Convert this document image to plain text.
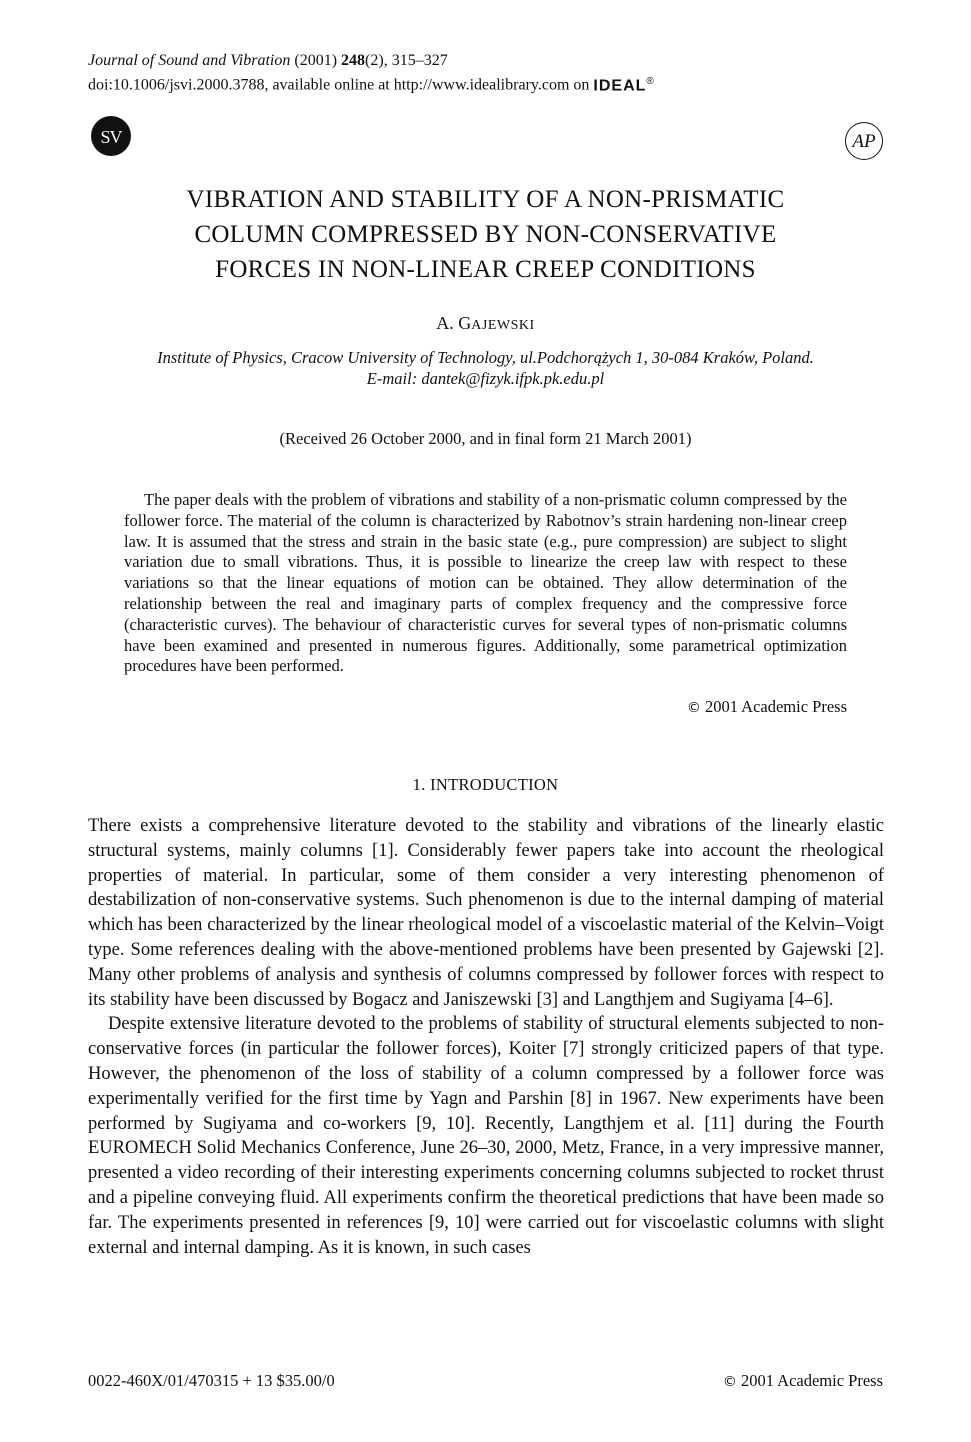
Journal of Sound and Vibration (2001) 248(2), 315–327
doi:10.1006/jsvi.2000.3788, available online at http://www.idealibrary.com on IDEAL®
SV	AP
VIBRATION AND STABILITY OF A NON-PRISMATIC
COLUMN COMPRESSED BY NON-CONSERVATIVE
FORCES IN NON-LINEAR CREEP CONDITIONS
A. GAJEWSKI
Institute of Physics, Cracow University of Technology, ul.Podchorążych 1, 30-084 Kraków, Poland.
E-mail: dantek@fizyk.ifpk.pk.edu.pl
(Received 26 October 2000, and in final form 21 March 2001)
The paper deals with the problem of vibrations and stability of a non-prismatic column compressed by the follower force. The material of the column is characterized by Rabotnov’s strain hardening non-linear creep law. It is assumed that the stress and strain in the basic state (e.g., pure compression) are subject to slight variation due to small vibrations. Thus, it is possible to linearize the creep law with respect to these variations so that the linear equations of motion can be obtained. They allow determination of the relationship between the real and imaginary parts of complex frequency and the compressive force (characteristic curves). The behaviour of characteristic curves for several types of non-prismatic columns have been examined and presented in numerous figures. Additionally, some parametrical optimization procedures have been performed.
© 2001 Academic Press
1. INTRODUCTION

There exists a comprehensive literature devoted to the stability and vibrations of the linearly elastic structural systems, mainly columns [1]. Considerably fewer papers take into account the rheological properties of material. In particular, some of them consider a very interesting phenomenon of destabilization of non-conservative systems. Such phenomenon is due to the internal damping of material which has been characterized by the linear rheological model of a viscoelastic material of the Kelvin–Voigt type. Some references dealing with the above-mentioned problems have been presented by Gajewski [2]. Many other problems of analysis and synthesis of columns compressed by follower forces with respect to its stability have been discussed by Bogacz and Janiszewski [3] and Langthjem and Sugiyama [4–6].

Despite extensive literature devoted to the problems of stability of structural elements subjected to non-conservative forces (in particular the follower forces), Koiter [7] strongly criticized papers of that type. However, the phenomenon of the loss of stability of a column compressed by a follower force was experimentally verified for the first time by Yagn and Parshin [8] in 1967. New experiments have been performed by Sugiyama and co-workers [9, 10]. Recently, Langthjem et al. [11] during the Fourth EUROMECH Solid Mechanics Conference, June 26–30, 2000, Metz, France, in a very impressive manner, presented a video recording of their interesting experiments concerning columns subjected to rocket thrust and a pipeline conveying fluid. All experiments confirm the theoretical predictions that have been made so far. The experiments presented in references [9, 10] were carried out for viscoelastic columns with slight external and internal damping. As it is known, in such cases

0022-460X/01/470315 + 13 $35.00/0	© 2001 Academic Press
